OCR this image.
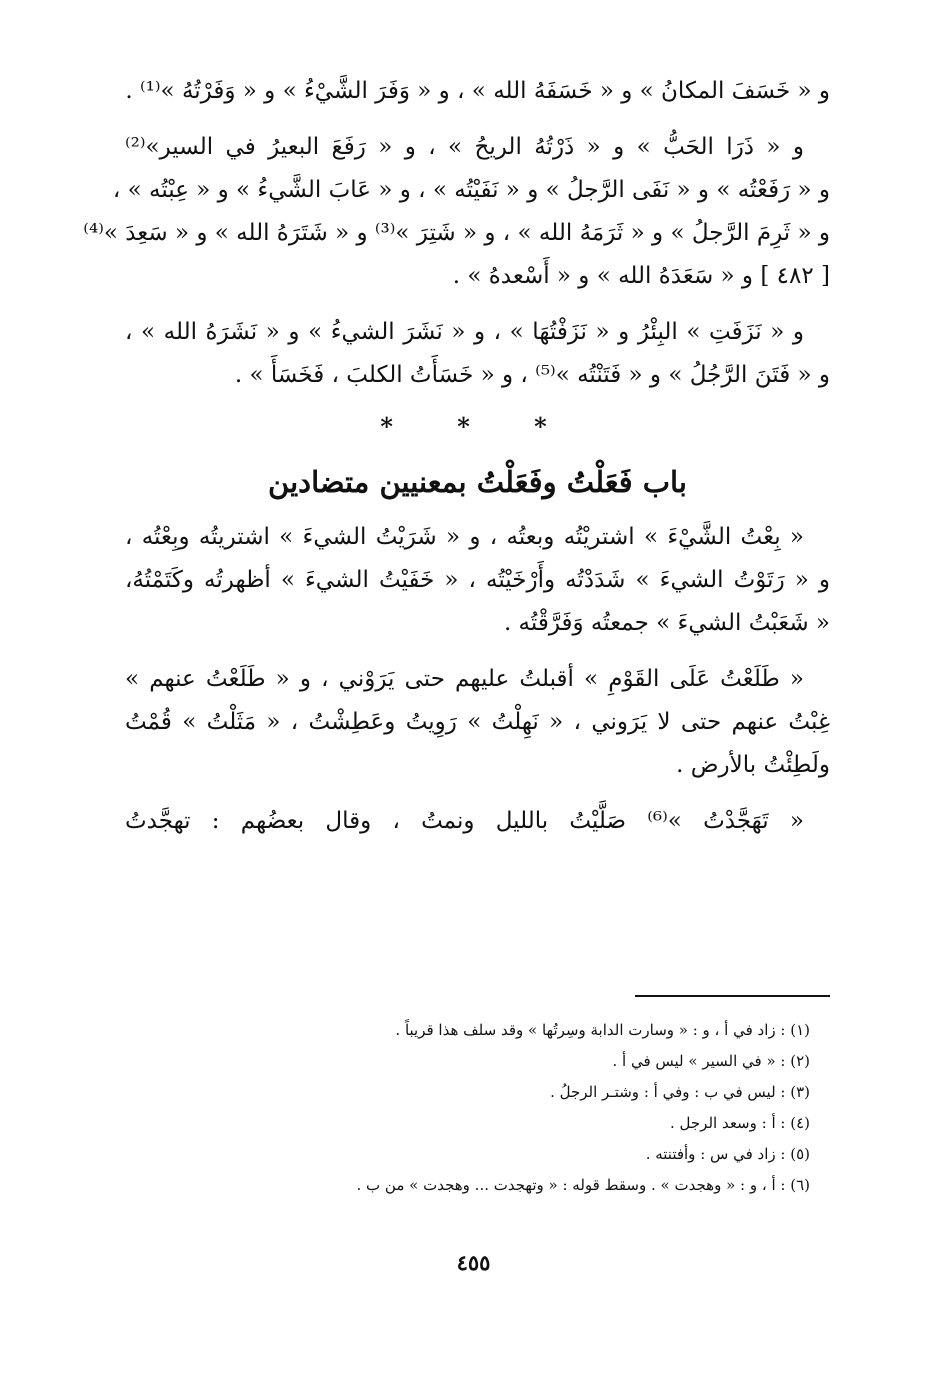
و « خَسَفَ المكانُ » و « خَسَفَهُ الله » ، و « وَفَرَ الشَّيْءُ » و « وَفَرْتُهُ »⁽¹⁾ .
و « ذَرَا الحَبُّ » و « ذَرْتُهُ الريحُ » ، و « رَفَعَ البعيرُ في السير»⁽²⁾
و « رَفَعْتُه » و « نَفَى الرَّجلُ » و « نَفَيْتُه » ، و « عَابَ الشَّيءُ » و « عِبْتُه » ،
و « ثَرِمَ الرَّجلُ » و « ثَرَمَهُ الله » ، و « شَتِرَ »⁽³⁾ و « شَتَرَهُ الله » و « سَعِدَ »⁽⁴⁾
[ ٤٨٢ ] و « سَعَدَهُ الله » و « أَسْعدهُ » .
و « نَزَفَتِ » البِئْرُ و « نَزَفْتُهَا » ، و « نَشَرَ الشيءُ » و « نَشَرَهُ الله » ،
و « فَتَنَ الرَّجُلُ » و « فَتَنْتُه »⁽⁵⁾ ، و « خَسَأَتُ الكلبَ ، فَخَسَأَ » .
* * *
باب فَعَلْتُ وفَعَلْتُ بمعنيين متضادين
« بِعْتُ الشَّيْءَ » اشتريْتُه وبعتُه ، و « شَرَيْتُ الشيءَ » اشتريتُه وبِعْتُه ،
و « رَتَوْتُ الشيءَ » شَدَدْتُه وأَرْخَيْتُه ، « خَفَيْتُ الشيءَ » أظهرتُه وكَتَمْتُهُ،
« شَعَبْتُ الشيءَ » جمعتُه وَفَرَّقْتُه .
« طَلَعْتُ عَلَى القَوْمِ » أقبلتُ عليهم حتى يَرَوْني ، و « طَلَعْتُ عنهم »
غِبْتُ عنهم حتى لا يَرَوني ، « نَهِلْتُ » رَوِيتُ وعَطِشْتُ ، « مَثَلْتُ » قُمْتُ
ولَطِئْتُ بالأرض .
« تَهَجَّدْتُ »⁽⁶⁾ صَلَّيْتُ بالليل ونمتُ ، وقال بعضُهم : تهجَّدتُ
(١) : زاد في أ ، و : « وسارت الدابة وسِرتُها » وقد سلف هذا قريباً .
(٢) : « في السير » ليس في أ .
(٣) : ليس في ب : وفي أ : وشتـر الرجلُ .
(٤) : أ : وسعد الرجل .
(٥) : زاد في س : وأفتنته .
(٦) : أ ، و : « وهجدت » . وسقط قوله : « وتهجدت ... وهجدت » من ب .
٤٥٥
